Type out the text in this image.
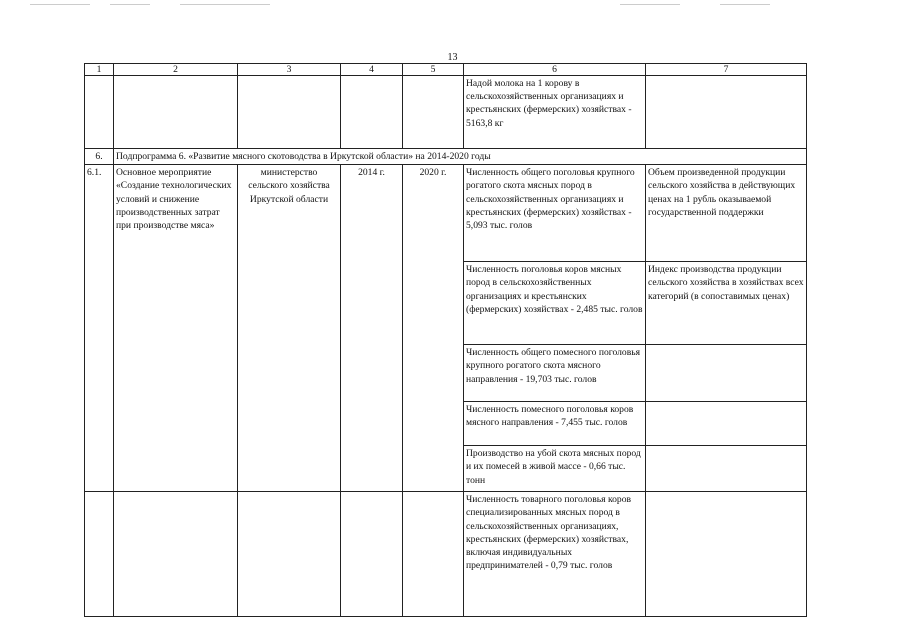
13
1	2	3	4	5	6	7
					Надой молока на 1 корову в сельскохозяйственных организациях и крестьянских (фермерских) хозяйствах - 5163,8 кг	
6.	Подпрограмма 6. «Развитие мясного скотоводства в Иркутской области» на 2014-2020 годы					
6.1.	Основное мероприятие «Создание технологических условий и снижение производственных затрат при производстве мяса»	министерство сельского хозяйства Иркутской области	2014 г.	2020 г.	Численность общего поголовья крупного рогатого скота мясных пород в сельскохозяйственных организациях и крестьянских (фермерских) хозяйствах - 5,093 тыс. голов	Объем произведенной продукции сельского хозяйства в действующих ценах на 1 рубль оказываемой государственной поддержки
					Численность поголовья коров мясных пород в сельскохозяйственных организациях и крестьянских (фермерских) хозяйствах - 2,485 тыс. голов	Индекс производства продукции сельского хозяйства в хозяйствах всех категорий (в сопоставимых ценах)
					Численность общего помесного поголовья крупного рогатого скота мясного направления - 19,703 тыс. голов	
					Численность помесного поголовья коров мясного направления - 7,455 тыс. голов	
					Производство на убой скота мясных пород и их помесей в живой массе - 0,66 тыс. тонн	
					Численность товарного поголовья коров специализированных мясных пород в сельскохозяйственных организациях, крестьянских (фермерских) хозяйствах, включая индивидуальных предпринимателей - 0,79 тыс. голов	
